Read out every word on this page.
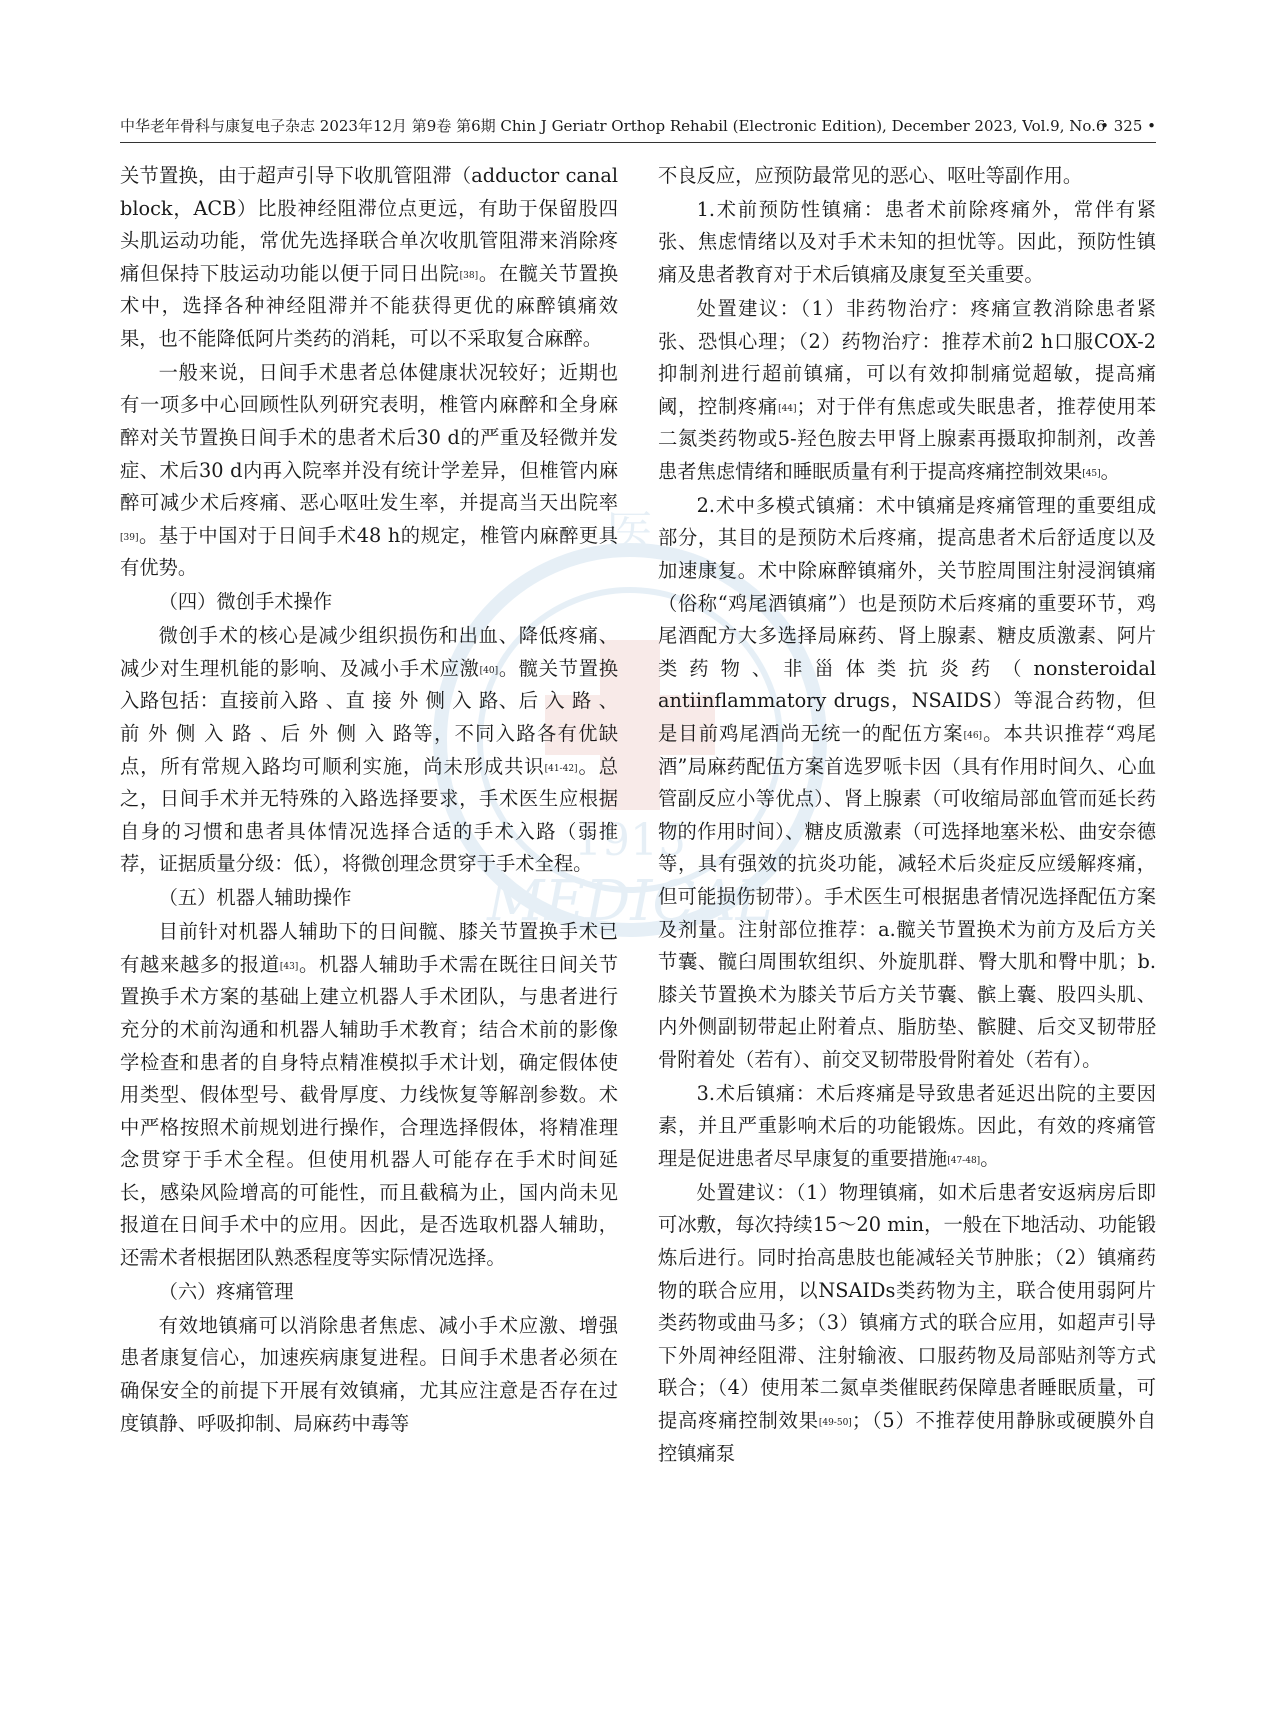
中华老年骨科与康复电子杂志 2023年12月 第9卷 第6期 Chin J Geriatr Orthop Rehabil (Electronic Edition), December 2023, Vol.9, No.6
• 325 •
医
1915
MEDICAL

关节置换，由于超声引导下收肌管阻滞（adductor canal block，ACB）比股神经阻滞位点更远，有助于保留股四头肌运动功能，常优先选择联合单次收肌管阻滞来消除疼痛但保持下肢运动功能以便于同日出院[38]。在髋关节置换术中，选择各种神经阻滞并不能获得更优的麻醉镇痛效果，也不能降低阿片类药的消耗，可以不采取复合麻醉。

一般来说，日间手术患者总体健康状况较好；近期也有一项多中心回顾性队列研究表明，椎管内麻醉和全身麻醉对关节置换日间手术的患者术后30 d的严重及轻微并发症、术后30 d内再入院率并没有统计学差异，但椎管内麻醉可减少术后疼痛、恶心呕吐发生率，并提高当天出院率[39]。基于中国对于日间手术48 h的规定，椎管内麻醉更具有优势。

（四）微创手术操作

微创手术的核心是减少组织损伤和出血、降低疼痛、减少对生理机能的影响、及减小手术应激[40]。髋关节置换入路包括：直接前入路 、直 接 外 侧 入 路、后 入 路 、前 外 侧 入 路 、后 外 侧 入 路等，不同入路各有优缺点，所有常规入路均可顺利实施，尚未形成共识[41-42]。总之，日间手术并无特殊的入路选择要求，手术医生应根据自身的习惯和患者具体情况选择合适的手术入路（弱推荐，证据质量分级：低），将微创理念贯穿于手术全程。

（五）机器人辅助操作

目前针对机器人辅助下的日间髋、膝关节置换手术已有越来越多的报道[43]。机器人辅助手术需在既往日间关节置换手术方案的基础上建立机器人手术团队，与患者进行充分的术前沟通和机器人辅助手术教育；结合术前的影像学检查和患者的自身特点精准模拟手术计划，确定假体使用类型、假体型号、截骨厚度、力线恢复等解剖参数。术中严格按照术前规划进行操作，合理选择假体，将精准理念贯穿于手术全程。但使用机器人可能存在手术时间延长，感染风险增高的可能性，而且截稿为止，国内尚未见报道在日间手术中的应用。因此，是否选取机器人辅助，还需术者根据团队熟悉程度等实际情况选择。

（六）疼痛管理

有效地镇痛可以消除患者焦虑、减小手术应激、增强患者康复信心，加速疾病康复进程。日间手术患者必须在确保安全的前提下开展有效镇痛，尤其应注意是否存在过度镇静、呼吸抑制、局麻药中毒等

不良反应，应预防最常见的恶心、呕吐等副作用。

1.术前预防性镇痛：患者术前除疼痛外，常伴有紧张、焦虑情绪以及对手术未知的担忧等。因此，预防性镇痛及患者教育对于术后镇痛及康复至关重要。

处置建议：（1）非药物治疗：疼痛宣教消除患者紧张、恐惧心理；（2）药物治疗：推荐术前2 h口服COX-2抑制剂进行超前镇痛，可以有效抑制痛觉超敏，提高痛阈，控制疼痛[44]；对于伴有焦虑或失眠患者，推荐使用苯二氮类药物或5-羟色胺去甲肾上腺素再摄取抑制剂，改善患者焦虑情绪和睡眠质量有利于提高疼痛控制效果[45]。

2.术中多模式镇痛：术中镇痛是疼痛管理的重要组成部分，其目的是预防术后疼痛，提高患者术后舒适度以及加速康复。术中除麻醉镇痛外，关节腔周围注射浸润镇痛（俗称“鸡尾酒镇痛”）也是预防术后疼痛的重要环节，鸡尾酒配方大多选择局麻药、肾上腺素、糖皮质激素、阿片类药物、非甾体类抗炎药（nonsteroidal antiinflammatory drugs，NSAIDS）等混合药物，但是目前鸡尾酒尚无统一的配伍方案[46]。本共识推荐“鸡尾酒”局麻药配伍方案首选罗哌卡因（具有作用时间久、心血管副反应小等优点）、肾上腺素（可收缩局部血管而延长药物的作用时间）、糖皮质激素（可选择地塞米松、曲安奈德等，具有强效的抗炎功能，减轻术后炎症反应缓解疼痛，但可能损伤韧带）。手术医生可根据患者情况选择配伍方案及剂量。注射部位推荐：a.髋关节置换术为前方及后方关节囊、髋臼周围软组织、外旋肌群、臀大肌和臀中肌；b.膝关节置换术为膝关节后方关节囊、髌上囊、股四头肌、内外侧副韧带起止附着点、脂肪垫、髌腱、后交叉韧带胫骨附着处（若有）、前交叉韧带股骨附着处（若有）。

3.术后镇痛：术后疼痛是导致患者延迟出院的主要因素，并且严重影响术后的功能锻炼。因此，有效的疼痛管理是促进患者尽早康复的重要措施[47-48]。

处置建议：（1）物理镇痛，如术后患者安返病房后即可冰敷，每次持续15～20 min，一般在下地活动、功能锻炼后进行。同时抬高患肢也能减轻关节肿胀；（2）镇痛药物的联合应用，以NSAIDs类药物为主，联合使用弱阿片类药物或曲马多；（3）镇痛方式的联合应用，如超声引导下外周神经阻滞、注射输液、口服药物及局部贴剂等方式联合；（4）使用苯二氮卓类催眠药保障患者睡眠质量，可提高疼痛控制效果[49-50]；（5）不推荐使用静脉或硬膜外自控镇痛泵
